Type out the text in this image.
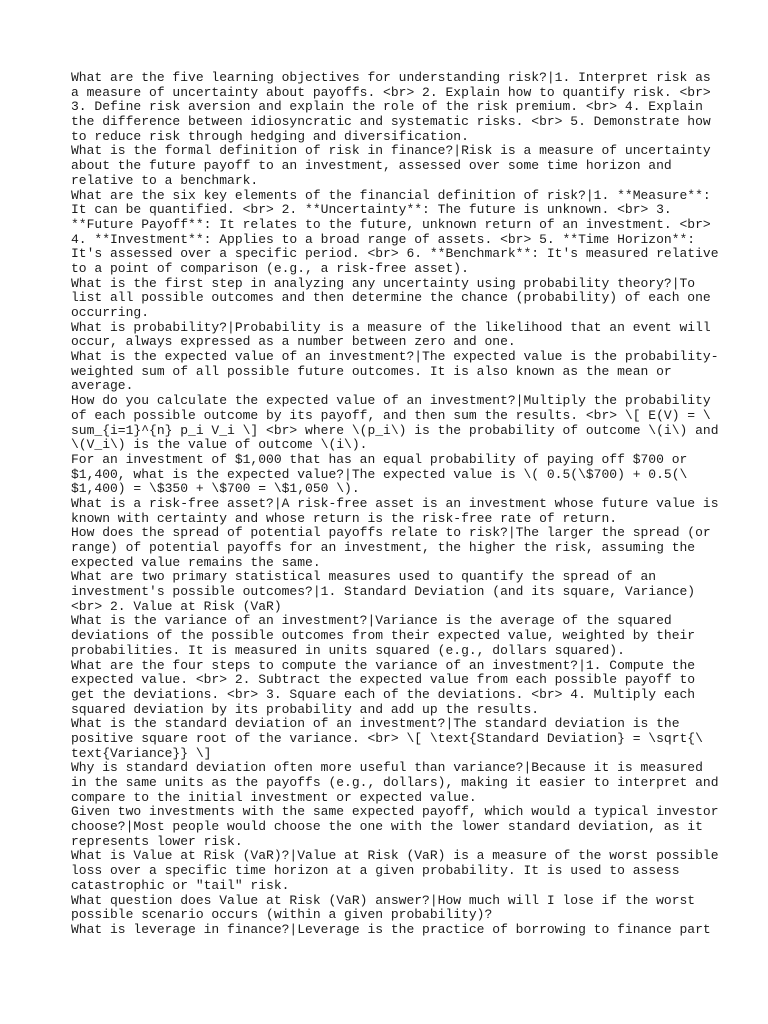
What are the five learning objectives for understanding risk?|1. Interpret risk as
a measure of uncertainty about payoffs. <br> 2. Explain how to quantify risk. <br>
3. Define risk aversion and explain the role of the risk premium. <br> 4. Explain
the difference between idiosyncratic and systematic risks. <br> 5. Demonstrate how
to reduce risk through hedging and diversification.
What is the formal definition of risk in finance?|Risk is a measure of uncertainty
about the future payoff to an investment, assessed over some time horizon and
relative to a benchmark.
What are the six key elements of the financial definition of risk?|1. **Measure**:
It can be quantified. <br> 2. **Uncertainty**: The future is unknown. <br> 3.
**Future Payoff**: It relates to the future, unknown return of an investment. <br>
4. **Investment**: Applies to a broad range of assets. <br> 5. **Time Horizon**:
It's assessed over a specific period. <br> 6. **Benchmark**: It's measured relative
to a point of comparison (e.g., a risk-free asset).
What is the first step in analyzing any uncertainty using probability theory?|To
list all possible outcomes and then determine the chance (probability) of each one
occurring.
What is probability?|Probability is a measure of the likelihood that an event will
occur, always expressed as a number between zero and one.
What is the expected value of an investment?|The expected value is the probability-
weighted sum of all possible future outcomes. It is also known as the mean or
average.
How do you calculate the expected value of an investment?|Multiply the probability
of each possible outcome by its payoff, and then sum the results. <br> \[ E(V) = \
sum_{i=1}^{n} p_i V_i \] <br> where \(p_i\) is the probability of outcome \(i\) and
\(V_i\) is the value of outcome \(i\).
For an investment of $1,000 that has an equal probability of paying off $700 or
$1,400, what is the expected value?|The expected value is \( 0.5(\$700) + 0.5(\
$1,400) = \$350 + \$700 = \$1,050 \).
What is a risk-free asset?|A risk-free asset is an investment whose future value is
known with certainty and whose return is the risk-free rate of return.
How does the spread of potential payoffs relate to risk?|The larger the spread (or
range) of potential payoffs for an investment, the higher the risk, assuming the
expected value remains the same.
What are two primary statistical measures used to quantify the spread of an
investment's possible outcomes?|1. Standard Deviation (and its square, Variance)
<br> 2. Value at Risk (VaR)
What is the variance of an investment?|Variance is the average of the squared
deviations of the possible outcomes from their expected value, weighted by their
probabilities. It is measured in units squared (e.g., dollars squared).
What are the four steps to compute the variance of an investment?|1. Compute the
expected value. <br> 2. Subtract the expected value from each possible payoff to
get the deviations. <br> 3. Square each of the deviations. <br> 4. Multiply each
squared deviation by its probability and add up the results.
What is the standard deviation of an investment?|The standard deviation is the
positive square root of the variance. <br> \[ \text{Standard Deviation} = \sqrt{\
text{Variance}} \]
Why is standard deviation often more useful than variance?|Because it is measured
in the same units as the payoffs (e.g., dollars), making it easier to interpret and
compare to the initial investment or expected value.
Given two investments with the same expected payoff, which would a typical investor
choose?|Most people would choose the one with the lower standard deviation, as it
represents lower risk.
What is Value at Risk (VaR)?|Value at Risk (VaR) is a measure of the worst possible
loss over a specific time horizon at a given probability. It is used to assess
catastrophic or "tail" risk.
What question does Value at Risk (VaR) answer?|How much will I lose if the worst
possible scenario occurs (within a given probability)?
What is leverage in finance?|Leverage is the practice of borrowing to finance part
